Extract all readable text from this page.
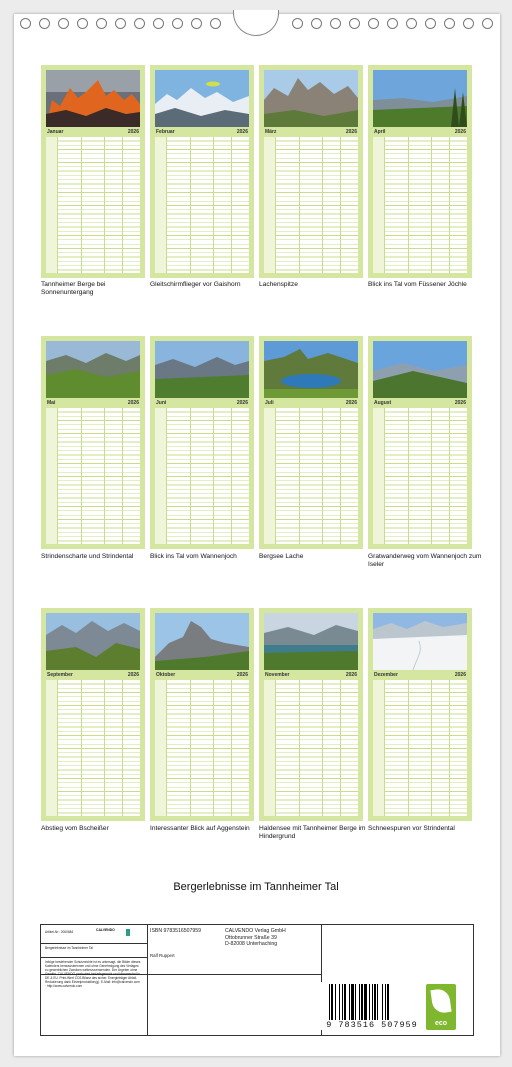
Januar	2026
Tannheimer Berge bei Sonnenuntergang
Februar	2026
Gleitschirmflieger vor Gaishorn
März	2026
Lachenspitze
April	2026
Blick ins Tal vom Füssener Jöchle
Mai	2026
Strindenscharte und Strindental
Juni	2026
Blick ins Tal vom Wannenjoch
Juli	2026
Bergsee Lache
August	2026
Gratwanderweg vom Wannenjoch zum Iseler
September	2026
Abstieg vom Bscheißer
Oktober	2026
Interessanter Blick auf Aggenstein
November	2026
Haldensee mit Tannheimer Berge im Hindergrund
Dezember	2026
Schneespuren vor Strindental
Bergerlebnisse im Tannheimer Tal
Artikel-Nr.: 2060684	CALVENDO
Bergerlebnisse im Tannheimer Tal
ISBN 9783516507959	CALVENDO Verlag GmbH
Ottobrunner Straße 39
D-82008 Unterhaching
Ralf Ruppert
Infolge bestehender Schutzrechte ist es untersagt, die Bilder dieses Kalenders herauszutrennen und ohne Genehmigung des Verlages zu gewerblichen Zwecken weiterzuverwenden. Der Urgeber ohne Gewähr. CALVENDO produziert bedarfsgerecht und klimaneutral in DE & EU. Print-Wert CO2-Bilanz des sicher. Energieträger Abfall-Reduzierung dank Einzelproduktion(g). E-Mail: info@calvendo.com · http://www.calvendo.com
9 783516 507959	eco
